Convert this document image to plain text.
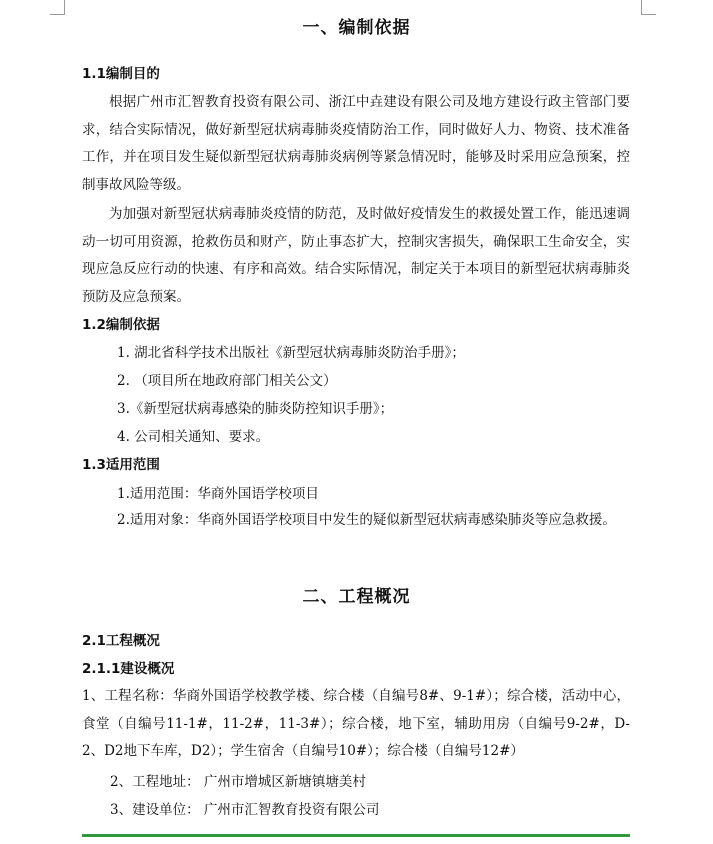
一、编制依据
1.1编制目的

根据广州市汇智教育投资有限公司、浙江中垚建设有限公司及地方建设行政主管部门要求，结合实际情况，做好新型冠状病毒肺炎疫情防治工作，同时做好人力、物资、技术准备工作，并在项目发生疑似新型冠状病毒肺炎病例等紧急情况时，能够及时采用应急预案，控制事故风险等级。

为加强对新型冠状病毒肺炎疫情的防范，及时做好疫情发生的救援处置工作，能迅速调动一切可用资源，抢救伤员和财产，防止事态扩大，控制灾害损失，确保职工生命安全，实现应急反应行动的快速、有序和高效。结合实际情况，制定关于本项目的新型冠状病毒肺炎预防及应急预案。

1.2编制依据
1. 湖北省科学技术出版社《新型冠状病毒肺炎防治手册》；
2. （项目所在地政府部门相关公文）
3.《新型冠状病毒感染的肺炎防控知识手册》；
4. 公司相关通知、要求。
1.3适用范围
1.适用范围：华商外国语学校项目

2.适用对象：华商外国语学校项目中发生的疑似新型冠状病毒感染肺炎等应急救援。

二、工程概况
2.1工程概况
2.1.1建设概况

1、工程名称：华商外国语学校教学楼、综合楼（自编号8#、9-1#）；综合楼，活动中心，食堂（自编号11-1#，11-2#，11-3#）；综合楼，地下室，辅助用房（自编号9-2#，D-2、D2地下车库，D2）；学生宿舍（自编号10#）；综合楼（自编号12#）

2、工程地址： 广州市增城区新塘镇塘美村
3、建设单位： 广州市汇智教育投资有限公司
